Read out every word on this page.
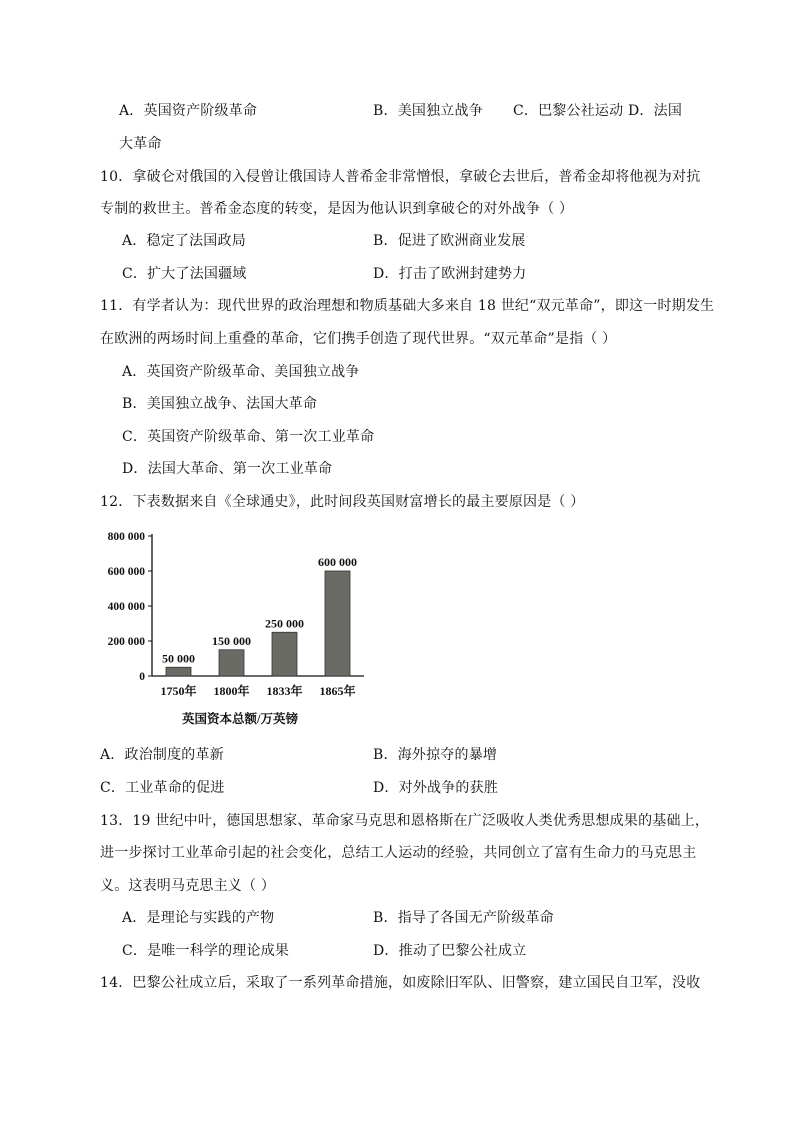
A．英国资产阶级革命	B．美国独立战争 C．巴黎公社运动 D．法国
大革命
10．拿破仑对俄国的入侵曾让俄国诗人普希金非常憎恨，拿破仑去世后，普希金却将他视为对抗
专制的救世主。普希金态度的转变，是因为他认识到拿破仑的对外战争（ ）
A．稳定了法国政局	B．促进了欧洲商业发展
C．扩大了法国疆域	D．打击了欧洲封建势力
11．有学者认为：现代世界的政治理想和物质基础大多来自 18 世纪“双元革命”，即这一时期发生
在欧洲的两场时间上重叠的革命，它们携手创造了现代世界。“双元革命”是指（ ）
A．英国资产阶级革命、美国独立战争
B．美国独立战争、法国大革命
C．英国资产阶级革命、第一次工业革命
D．法国大革命、第一次工业革命
12．下表数据来自《全球通史》，此时间段英国财富增长的最主要原因是（ ）
0
200 000
400 000
600 000
800 000
50 000
1750年
150 000
1800年
250 000
1833年
600 000
1865年
英国资本总额/万英镑
A．政治制度的革新	B．海外掠夺的暴增
C．工业革命的促进	D．对外战争的获胜
13．19 世纪中叶，德国思想家、革命家马克思和恩格斯在广泛吸收人类优秀思想成果的基础上，
进一步探讨工业革命引起的社会变化，总结工人运动的经验，共同创立了富有生命力的马克思主
义。这表明马克思主义（ ）
A．是理论与实践的产物	B．指导了各国无产阶级革命
C．是唯一科学的理论成果	D．推动了巴黎公社成立
14．巴黎公社成立后，采取了一系列革命措施，如废除旧军队、旧警察，建立国民自卫军，没收
